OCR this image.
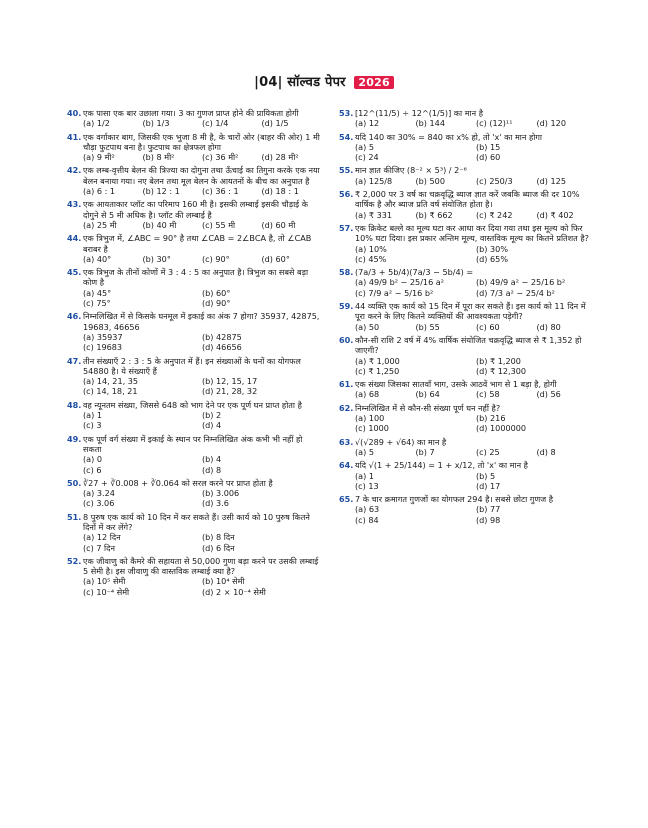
|04| सॉल्वड पेपर 2026
40. एक पासा एक बार उछाला गया। 3 का गुणज प्राप्त होने की प्रायिकता होगी
(a) 1/2	(b) 1/3	(c) 1/4	(d) 1/5
41. एक वर्गाकार बाग, जिसकी एक भुजा 8 मी है, के चारों ओर (बाहर की ओर) 1 मी चौड़ा फुटपाथ बना है। फुटपाथ का क्षेत्रफल होगा
(a) 9 मी²	(b) 8 मी²	(c) 36 मी²	(d) 28 मी²
42. एक लम्ब-वृत्तीय बेलन की त्रिज्या का दोगुना तथा ऊँचाई का तिगुना करके एक नया बेलन बनाया गया। नए बेलन तथा मूल बेलन के आयतनों के बीच का अनुपात है
(a) 6 : 1	(b) 12 : 1	(c) 36 : 1	(d) 18 : 1
43. एक आयताकार प्लॉट का परिमाप 160 मी है। इसकी लम्बाई इसकी चौड़ाई के दोगुने से 5 मी अधिक है। प्लॉट की लम्बाई है
(a) 25 मी	(b) 40 मी	(c) 55 मी	(d) 60 मी
44. एक त्रिभुज में, ∠ABC = 90° है तथा ∠CAB = 2∠BCA है, तो ∠CAB बराबर है
(a) 40°	(b) 30°	(c) 90°	(d) 60°
45. एक त्रिभुज के तीनों कोणों में 3 : 4 : 5 का अनुपात है। त्रिभुज का सबसे बड़ा कोण है
(a) 45°	(b) 60°
(c) 75°	(d) 90°
46. निम्नलिखित में से किसके घनमूल में इकाई का अंक 7 होगा? 35937, 42875, 19683, 46656
(a) 35937	(b) 42875
(c) 19683	(d) 46656
47. तीन संख्याएँ 2 : 3 : 5 के अनुपात में हैं। इन संख्याओं के घनों का योगफल 54880 है। ये संख्याएँ हैं
(a) 14, 21, 35	(b) 12, 15, 17
(c) 14, 18, 21	(d) 21, 28, 32
48. वह न्यूनतम संख्या, जिससे 648 को भाग देने पर एक पूर्ण घन प्राप्त होता है
(a) 1	(b) 2
(c) 3	(d) 4
49. एक पूर्ण वर्ग संख्या में इकाई के स्थान पर निम्नलिखित अंक कभी भी नहीं हो सकता
(a) 0	(b) 4
(c) 6	(d) 8
50. ∛27 + ∛0.008 + ∛0.064 को सरल करने पर प्राप्त होता है
(a) 3.24	(b) 3.006
(c) 3.06	(d) 3.6
51. 8 पुरुष एक कार्य को 10 दिन में कर सकते हैं। उसी कार्य को 10 पुरुष कितने दिनों में कर लेंगे?
(a) 12 दिन	(b) 8 दिन
(c) 7 दिन	(d) 6 दिन
52. एक जीवाणु को कैमरे की सहायता से 50,000 गुणा बड़ा करने पर उसकी लम्बाई 5 सेमी है। इस जीवाणु की वास्तविक लम्बाई क्या है?
(a) 10⁵ सेमी	(b) 10⁴ सेमी
(c) 10⁻⁴ सेमी	(d) 2 × 10⁻⁴ सेमी
53. [12^(11/5) ÷ 12^(1/5)] का मान है
(a) 12	(b) 144	(c) (12)¹¹	(d) 120
54. यदि 140 का 30% = 840 का x% हो, तो 'x' का मान होगा
(a) 5	(b) 15
(c) 24	(d) 60
55. मान ज्ञात कीजिए (8⁻² × 5³) / 2⁻⁶
(a) 125/8	(b) 500	(c) 250/3	(d) 125
56. ₹ 2,000 पर 3 वर्ष का चक्रवृद्धि ब्याज ज्ञात करें जबकि ब्याज की दर 10% वार्षिक है और ब्याज प्रति वर्ष संयोजित होता है।
(a) ₹ 331	(b) ₹ 662	(c) ₹ 242	(d) ₹ 402
57. एक क्रिकेट बल्ले का मूल्य घटा कर आधा कर दिया गया तथा इस मूल्य को फिर 10% घटा दिया। इस प्रकार अन्तिम मूल्य, वास्तविक मूल्य का कितने प्रतिशत है?
(a) 10%	(b) 30%
(c) 45%	(d) 65%
58. (7a/3 + 5b/4)(7a/3 − 5b/4) =
(a) 49/9 b² − 25/16 a²	(b) 49/9 a² − 25/16 b²
(c) 7/9 a² − 5/16 b²	(d) 7/3 a² − 25/4 b²
59. 44 व्यक्ति एक कार्य को 15 दिन में पूरा कर सकते हैं। इस कार्य को 11 दिन में पूरा करने के लिए कितने व्यक्तियों की आवश्यकता पड़ेगी?
(a) 50	(b) 55	(c) 60	(d) 80
60. कौन-सी राशि 2 वर्ष में 4% वार्षिक संयोजित चक्रवृद्धि ब्याज से ₹ 1,352 हो जाएगी?
(a) ₹ 1,000	(b) ₹ 1,200
(c) ₹ 1,250	(d) ₹ 12,300
61. एक संख्या जिसका सातवाँ भाग, उसके आठवें भाग से 1 बड़ा है, होगी
(a) 68	(b) 64	(c) 58	(d) 56
62. निम्नलिखित में से कौन-सी संख्या पूर्ण घन नहीं है?
(a) 100	(b) 216
(c) 1000	(d) 1000000
63. √(√289 + √64) का मान है
(a) 5	(b) 7	(c) 25	(d) 8
64. यदि √(1 + 25/144) = 1 + x/12, तो 'x' का मान है
(a) 1	(b) 5
(c) 13	(d) 17
65. 7 के चार क्रमागत गुणजों का योगफल 294 है। सबसे छोटा गुणज है
(a) 63	(b) 77
(c) 84	(d) 98
